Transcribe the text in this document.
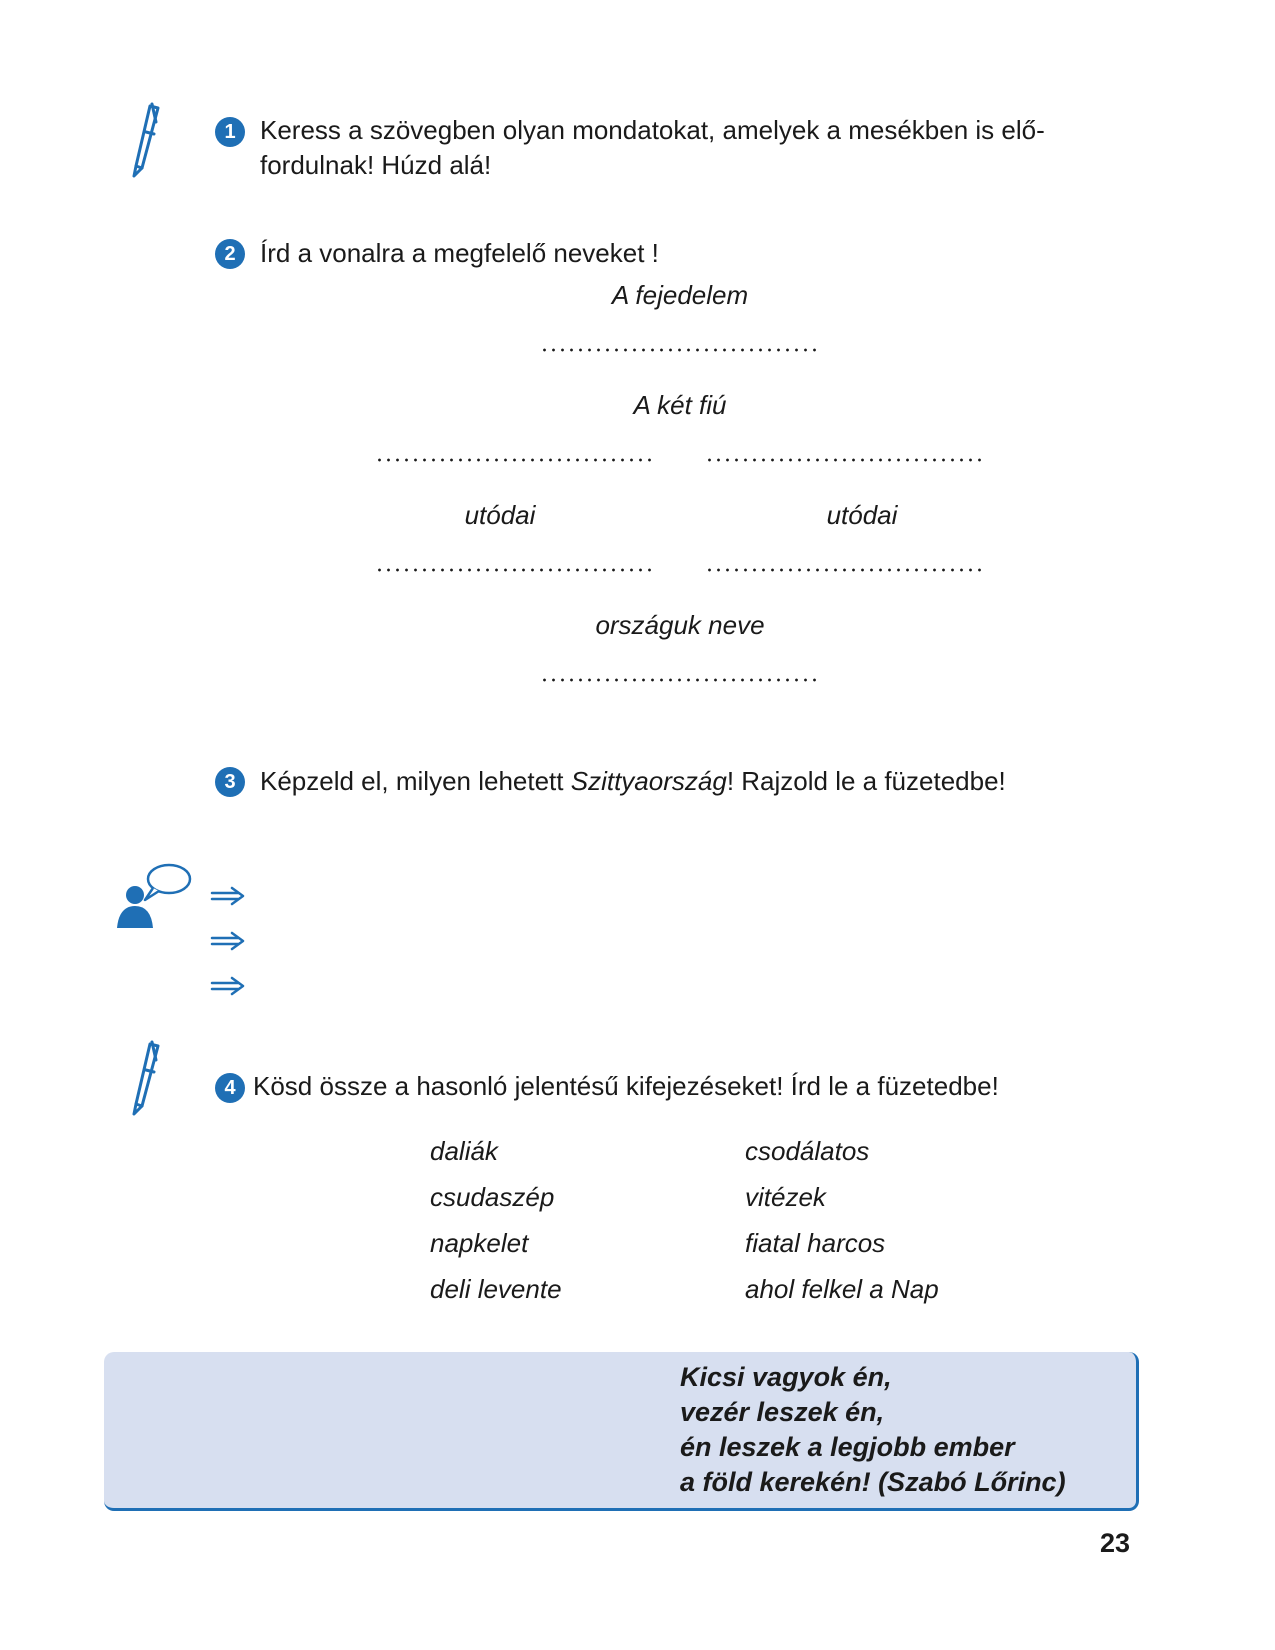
1 Keress a szövegben olyan mondatokat, amelyek a mesékben is elő-
fordulnak! Húzd alá!
2 Írd a vonalra a megfelelő neveket !
A fejedelem
A két fiú
utódai	utódai
országuk neve
3 Képzeld el, milyen lehetett Szittyaország! Rajzold le a füzetedbe!
4 Kösd össze a hasonló jelentésű kifejezéseket! Írd le a füzetedbe!
daliák
csudaszép
napkelet
deli levente
csodálatos
vitézek
fiatal harcos
ahol felkel a Nap
Kicsi vagyok én,
vezér leszek én,
én leszek a legjobb ember
a föld kerekén! (Szabó Lőrinc)
23
